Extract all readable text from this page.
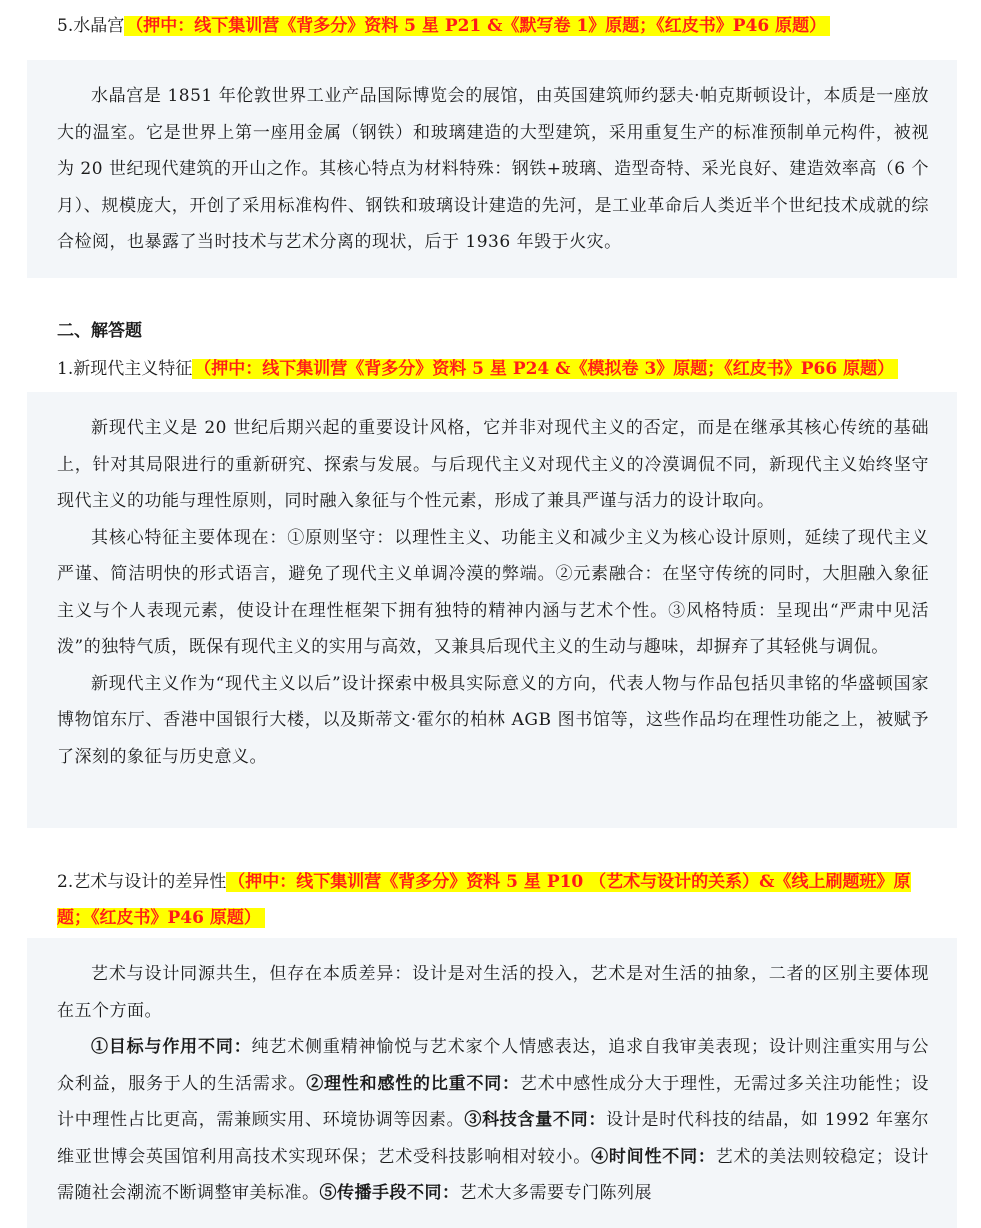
5.水晶宫 （押中：线下集训营《背多分》资料 5 星 P21 &《默写卷 1》原题；《红皮书》P46 原题）

水晶宫是 1851 年伦敦世界工业产品国际博览会的展馆，由英国建筑师约瑟夫·帕克斯顿设计，本质是一座放大的温室。它是世界上第一座用金属（钢铁）和玻璃建造的大型建筑，采用重复生产的标准预制单元构件，被视为 20 世纪现代建筑的开山之作。其核心特点为材料特殊：钢铁+玻璃、造型奇特、采光良好、建造效率高（6 个月）、规模庞大，开创了采用标准构件、钢铁和玻璃设计建造的先河，是工业革命后人类近半个世纪技术成就的综合检阅，也暴露了当时技术与艺术分离的现状，后于 1936 年毁于火灾。

二、解答题
1.新现代主义特征 （押中：线下集训营《背多分》资料 5 星 P24 &《模拟卷 3》原题；《红皮书》P66 原题）

新现代主义是 20 世纪后期兴起的重要设计风格，它并非对现代主义的否定，而是在继承其核心传统的基础上，针对其局限进行的重新研究、探索与发展。与后现代主义对现代主义的冷漠调侃不同，新现代主义始终坚守现代主义的功能与理性原则，同时融入象征与个性元素，形成了兼具严谨与活力的设计取向。

其核心特征主要体现在：①原则坚守：以理性主义、功能主义和减少主义为核心设计原则，延续了现代主义严谨、简洁明快的形式语言，避免了现代主义单调冷漠的弊端。②元素融合：在坚守传统的同时，大胆融入象征主义与个人表现元素，使设计在理性框架下拥有独特的精神内涵与艺术个性。③风格特质：呈现出“严肃中见活泼”的独特气质，既保有现代主义的实用与高效，又兼具后现代主义的生动与趣味，却摒弃了其轻佻与调侃。

新现代主义作为“现代主义以后”设计探索中极具实际意义的方向，代表人物与作品包括贝聿铭的华盛顿国家博物馆东厅、香港中国银行大楼，以及斯蒂文·霍尔的柏林 AGB 图书馆等，这些作品均在理性功能之上，被赋予了深刻的象征与历史意义。

2.艺术与设计的差异性 （押中：线下集训营《背多分》资料 5 星 P10 （艺术与设计的关系）&《线上刷题班》原题；《红皮书》P46 原题）

艺术与设计同源共生，但存在本质差异：设计是对生活的投入，艺术是对生活的抽象，二者的区别主要体现在五个方面。

①目标与作用不同：纯艺术侧重精神愉悦与艺术家个人情感表达，追求自我审美表现；设计则注重实用与公众利益，服务于人的生活需求。②理性和感性的比重不同：艺术中感性成分大于理性，无需过多关注功能性；设计中理性占比更高，需兼顾实用、环境协调等因素。③科技含量不同：设计是时代科技的结晶，如 1992 年塞尔维亚世博会英国馆利用高技术实现环保；艺术受科技影响相对较小。④时间性不同：艺术的美法则较稳定；设计需随社会潮流不断调整审美标准。⑤传播手段不同：艺术大多需要专门陈列展
